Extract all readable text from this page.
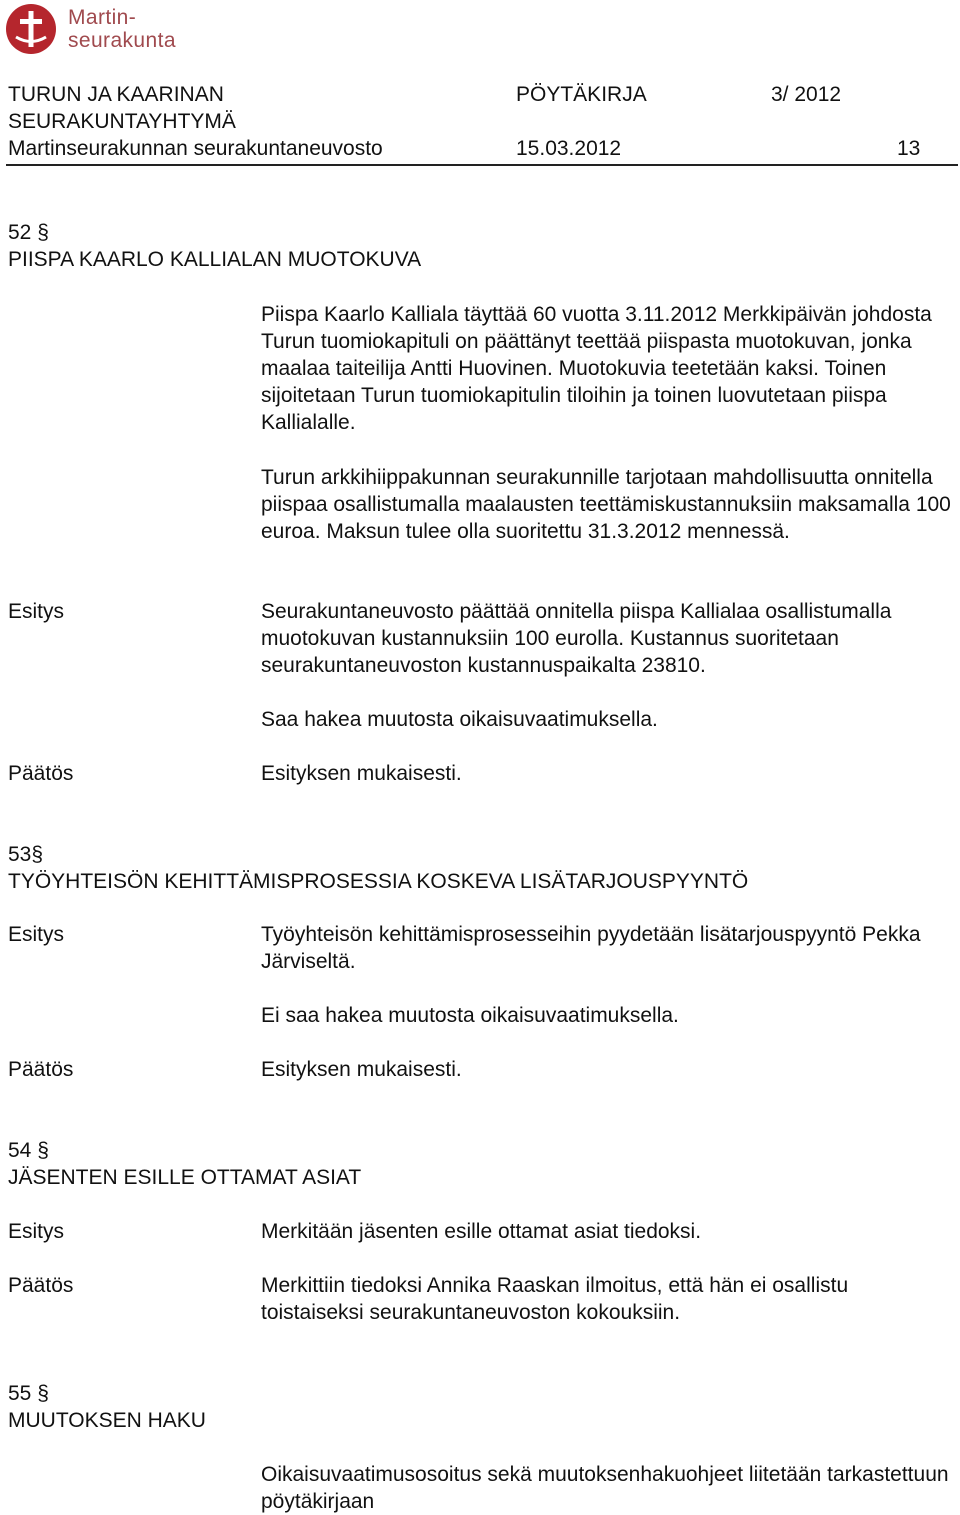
Martin-
seurakunta
TURUN JA KAARINAN
SEURAKUNTAYHTYMÄ
Martinseurakunnan seurakuntaneuvosto
PÖYTÄKIRJA	3/ 2012
15.03.2012	13
52 §
PIISPA KAARLO KALLIALAN MUOTOKUVA
Piispa Kaarlo Kalliala täyttää 60 vuotta 3.11.2012 Merkkipäivän johdosta Turun tuomiokapituli on päättänyt teettää piispasta muotokuvan, jonka maalaa taiteilija Antti Huovinen. Muotokuvia teetetään kaksi. Toinen sijoitetaan Turun tuomiokapitulin tiloihin ja toinen luovutetaan piispa Kallialalle.
Turun arkkihiippakunnan seurakunnille tarjotaan mahdollisuutta onnitella piispaa osallistumalla maalausten teettämiskustannuksiin maksamalla 100 euroa. Maksun tulee olla suoritettu 31.3.2012 mennessä.
Esitys	Seurakuntaneuvosto päättää onnitella piispa Kallialaa osallistumalla muotokuvan kustannuksiin 100 eurolla. Kustannus suoritetaan seurakuntaneuvoston kustannuspaikalta 23810.
Saa hakea muutosta oikaisuvaatimuksella.
Päätös	Esityksen mukaisesti.
53§
TYÖYHTEISÖN KEHITTÄMISPROSESSIA KOSKEVA LISÄTARJOUSPYYNTÖ
Esitys	Työyhteisön kehittämisprosesseihin pyydetään lisätarjouspyyntö Pekka Järviseltä.
Ei saa hakea muutosta oikaisuvaatimuksella.
Päätös	Esityksen mukaisesti.
54 §
JÄSENTEN ESILLE OTTAMAT ASIAT
Esitys	Merkitään jäsenten esille ottamat asiat tiedoksi.
Päätös	Merkittiin tiedoksi Annika Raaskan ilmoitus, että hän ei osallistu toistaiseksi seurakuntaneuvoston kokouksiin.
55 §
MUUTOKSEN HAKU
Oikaisuvaatimusosoitus sekä muutoksenhakuohjeet liitetään tarkastettuun pöytäkirjaan
